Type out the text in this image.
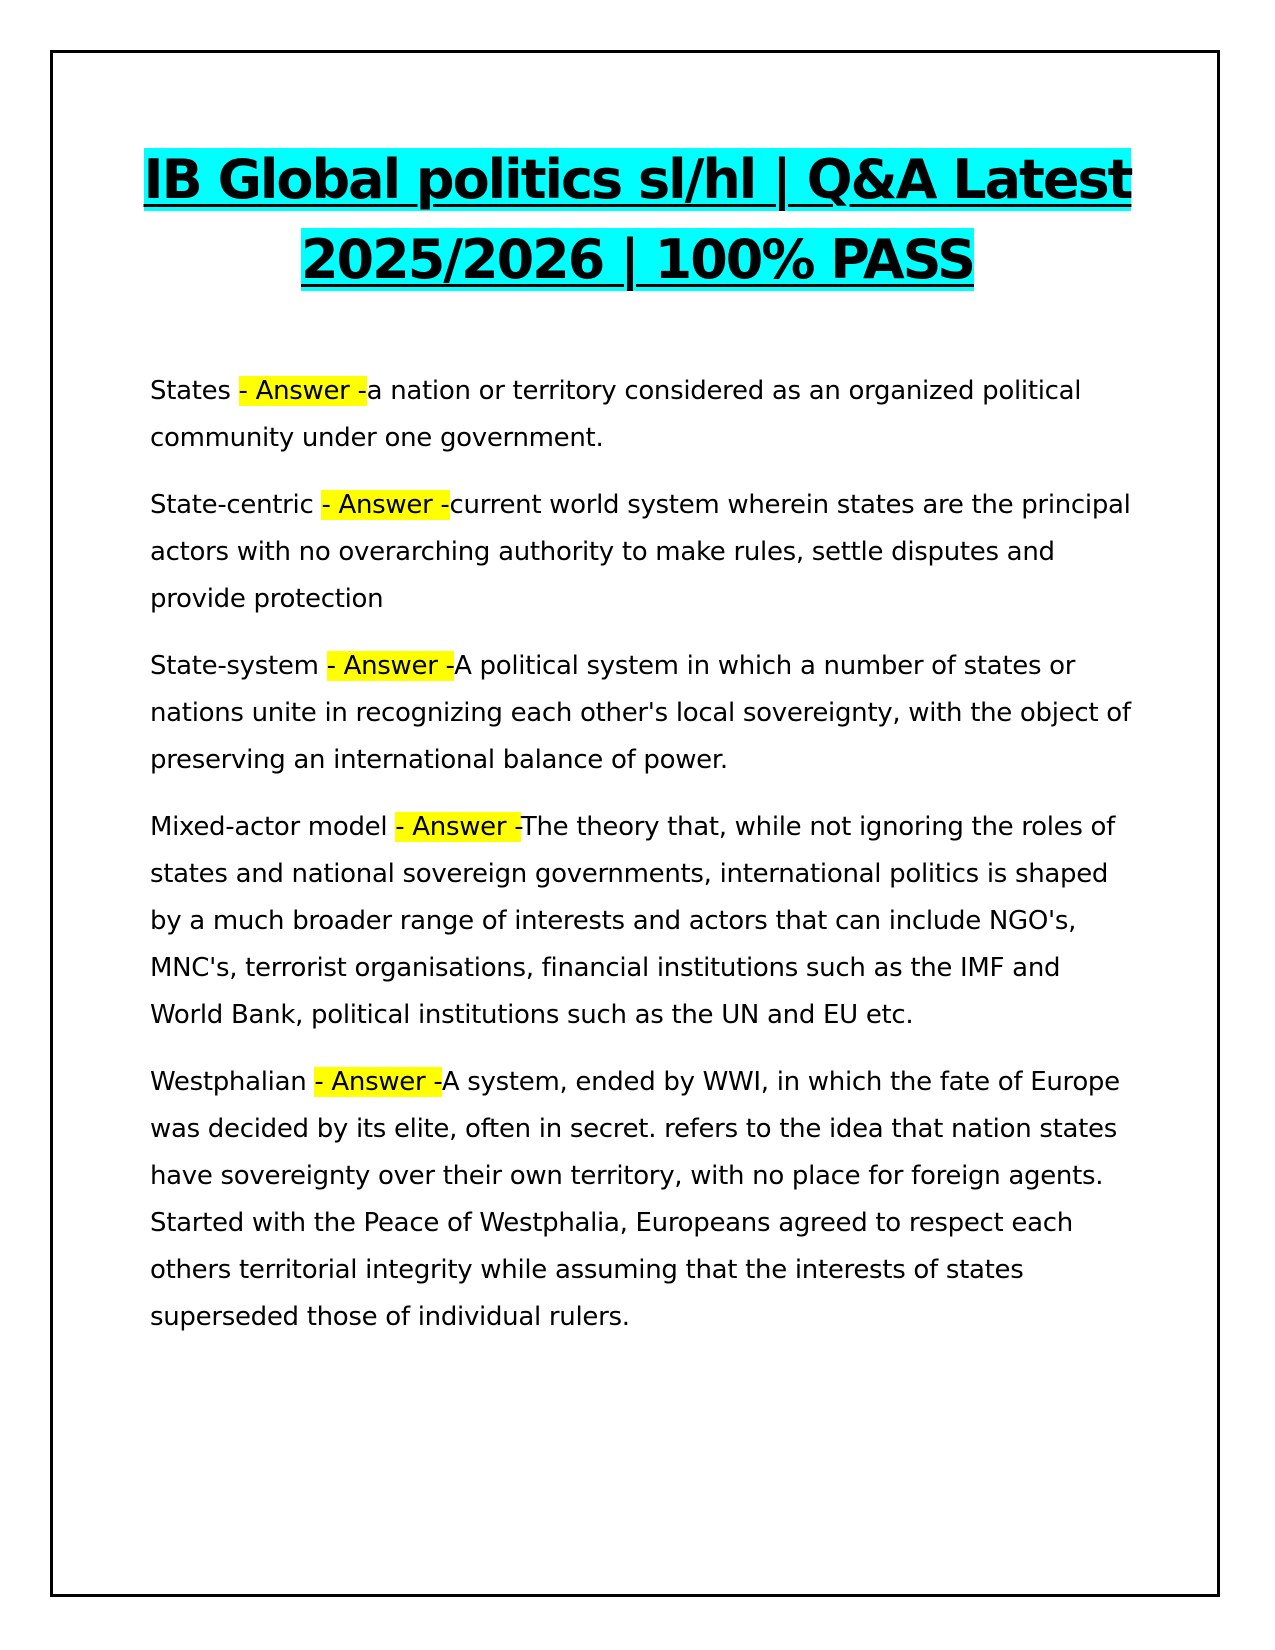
IB Global politics sl/hl | Q&A Latest
2025/2026 | 100% PASS

States - Answer -a nation or territory considered as an organized political community under one government.

State-centric - Answer -current world system wherein states are the principal actors with no overarching authority to make rules, settle disputes and provide protection

State-system - Answer -A political system in which a number of states or nations unite in recognizing each other's local sovereignty, with the object of preserving an international balance of power.

Mixed-actor model - Answer -The theory that, while not ignoring the roles of states and national sovereign governments, international politics is shaped by a much broader range of interests and actors that can include NGO's, MNC's, terrorist organisations, financial institutions such as the IMF and World Bank, political institutions such as the UN and EU etc.

Westphalian - Answer -A system, ended by WWI, in which the fate of Europe was decided by its elite, often in secret. refers to the idea that nation states have sovereignty over their own territory, with no place for foreign agents. Started with the Peace of Westphalia, Europeans agreed to respect each others territorial integrity while assuming that the interests of states superseded those of individual rulers.
